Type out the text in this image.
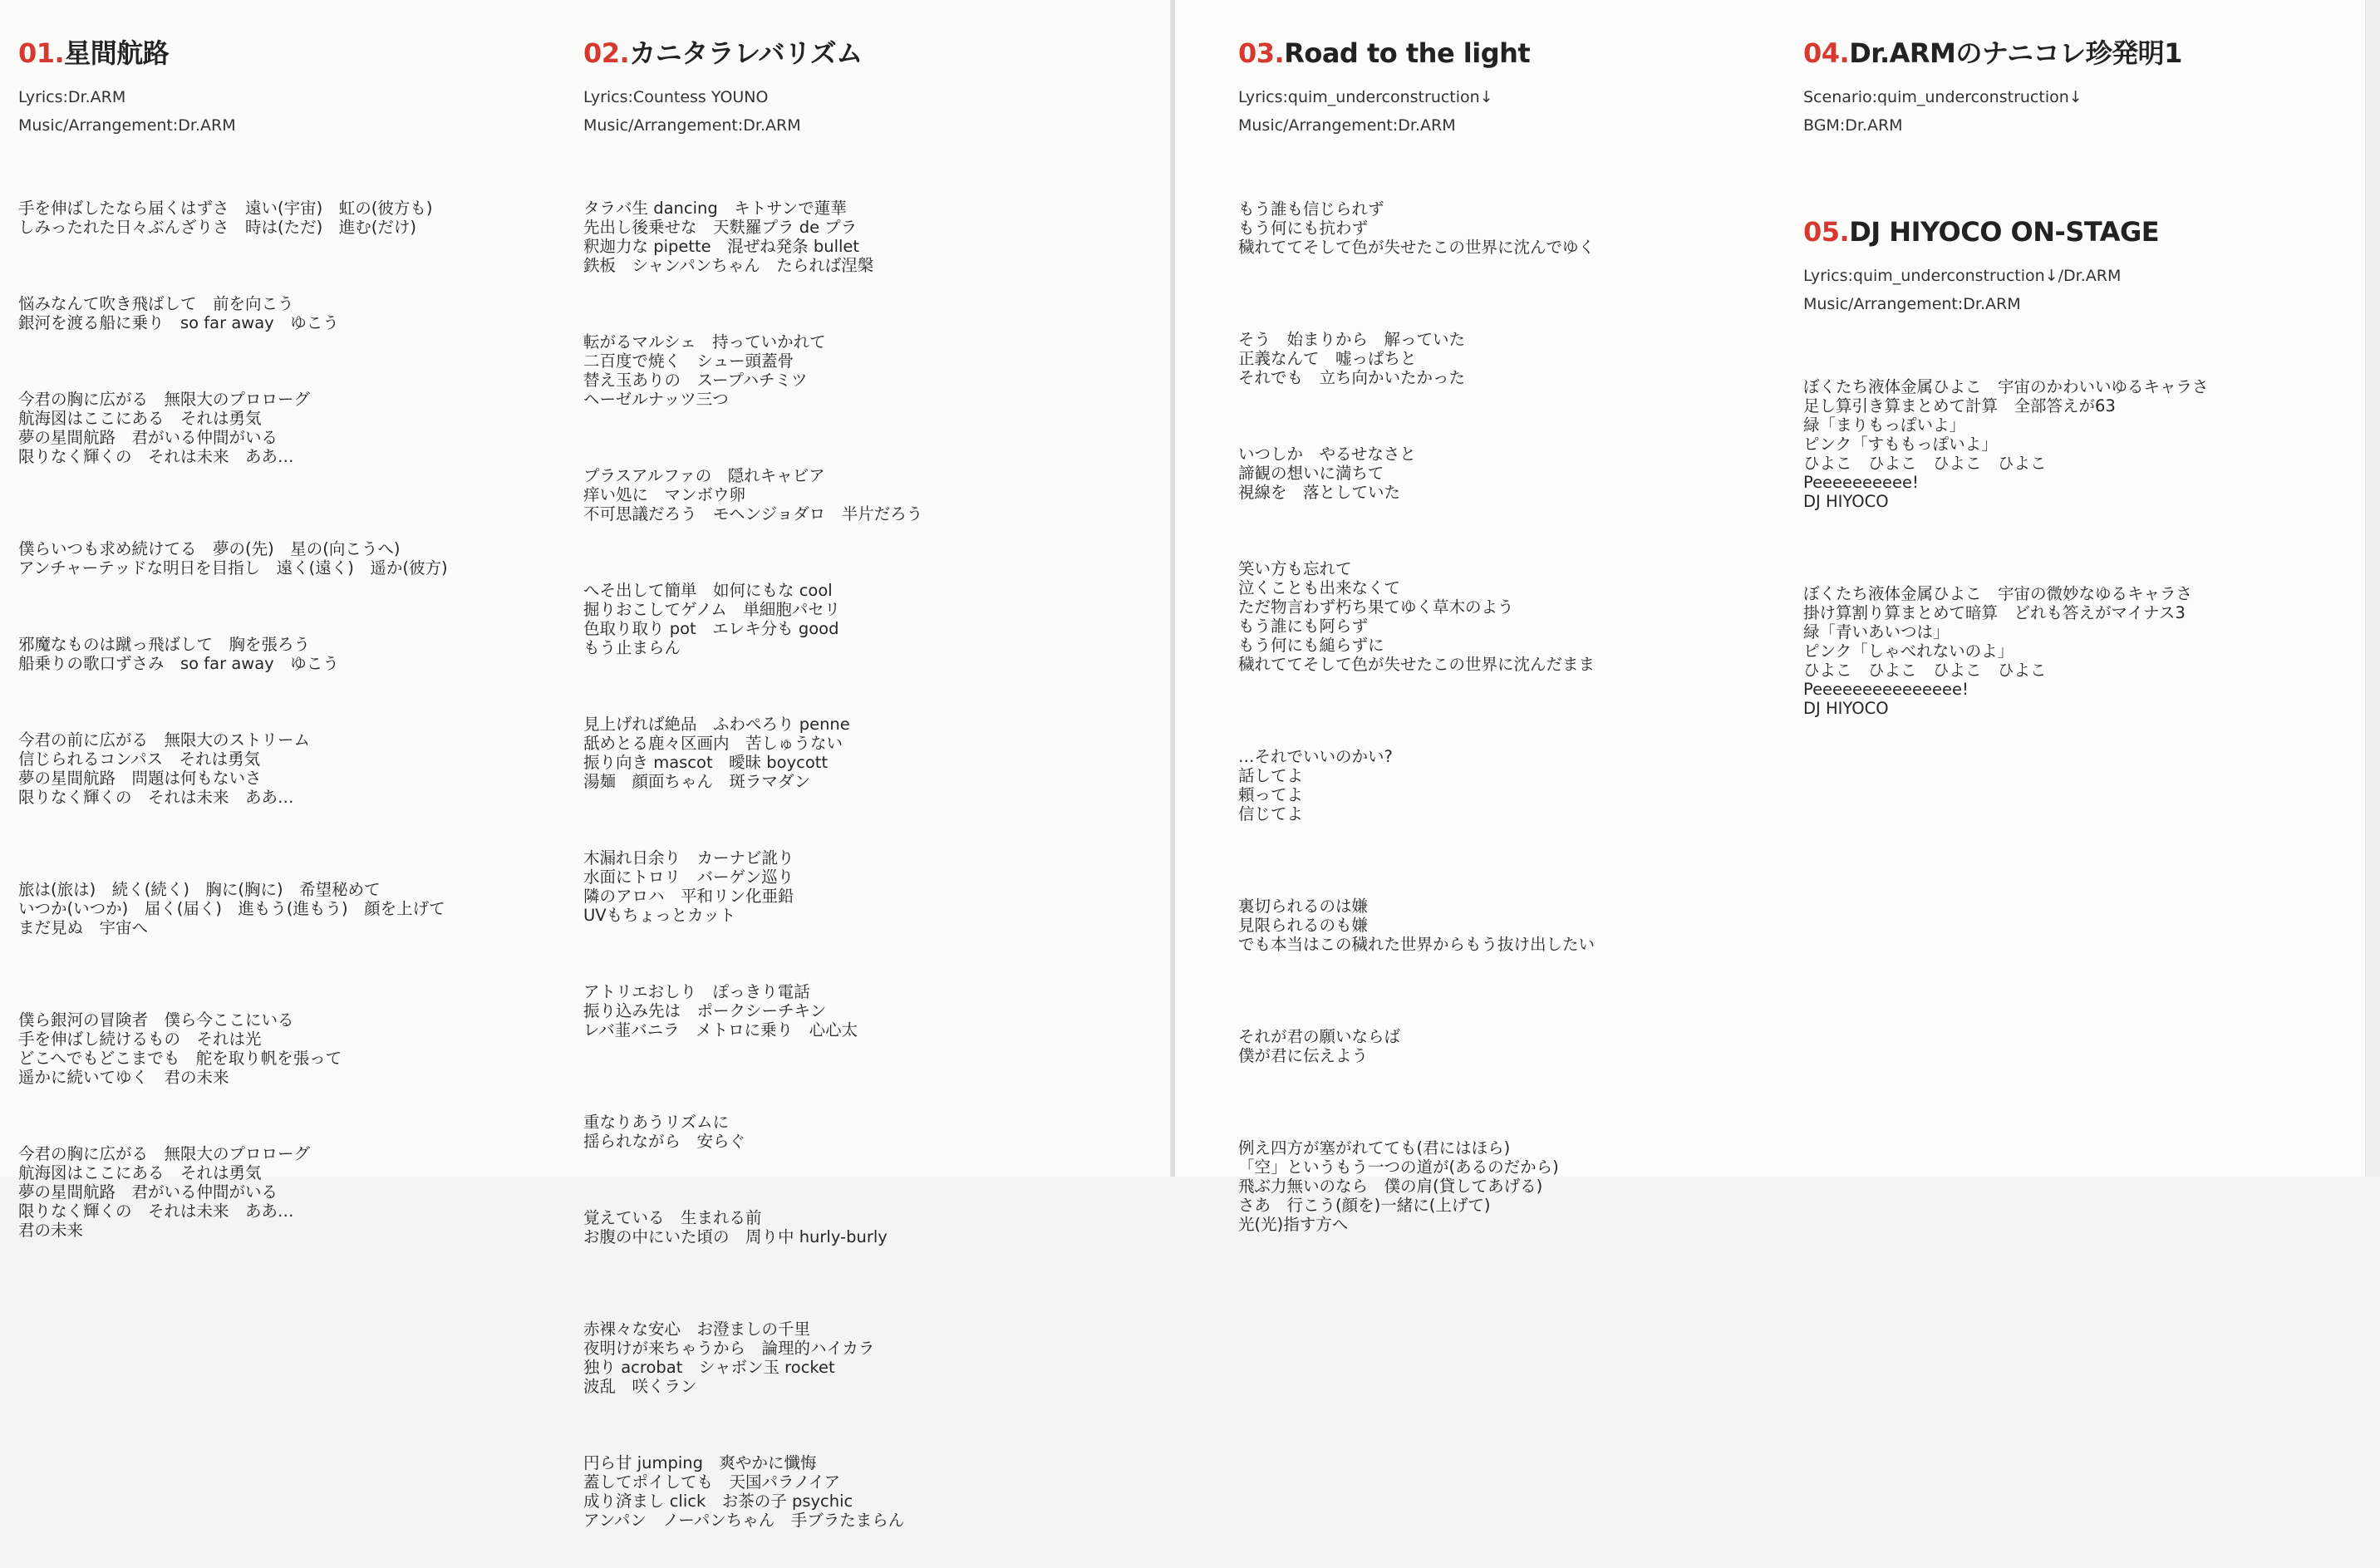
01.星間航路
Lyrics:Dr.ARM
Music/Arrangement:Dr.ARM

手を伸ばしたなら届くはずさ　遠い(宇宙)　虹の(彼方も)
しみったれた日々ぶんざりさ　時は(ただ)　進む(だけ)

悩みなんて吹き飛ばして　前を向こう
銀河を渡る船に乗り　so far away　ゆこう

今君の胸に広がる　無限大のプロローグ
航海図はここにある　それは勇気
夢の星間航路　君がいる仲間がいる
限りなく輝くの　それは未来　ああ…

僕らいつも求め続けてる　夢の(先)　星の(向こうへ)
アンチャーテッドな明日を目指し　遠く(遠く)　遥か(彼方)

邪魔なものは蹴っ飛ばして　胸を張ろう
船乗りの歌口ずさみ　so far away　ゆこう

今君の前に広がる　無限大のストリーム
信じられるコンパス　それは勇気
夢の星間航路　問題は何もないさ
限りなく輝くの　それは未来　ああ…

旅は(旅は)　続く(続く)　胸に(胸に)　希望秘めて
いつか(いつか)　届く(届く)　進もう(進もう)　顔を上げて
まだ見ぬ　宇宙へ

僕ら銀河の冒険者　僕ら今ここにいる
手を伸ばし続けるもの　それは光
どこへでもどこまでも　舵を取り帆を張って
遥かに続いてゆく　君の未来

今君の胸に広がる　無限大のプロローグ
航海図はここにある　それは勇気
夢の星間航路　君がいる仲間がいる
限りなく輝くの　それは未来　ああ…
君の未来

02.カニタラレバリズム
Lyrics:Countess YOUNO
Music/Arrangement:Dr.ARM

タラバ生 dancing　キトサンで蓮華
先出し後乗せな　天麩羅プラ de プラ
釈迦力な pipette　混ぜね発条 bullet
鉄板　シャンパンちゃん　たられば涅槃

転がるマルシェ　持っていかれて
二百度で焼く　シュー頭蓋骨
替え玉ありの　スープハチミツ
ヘーゼルナッツ三つ

プラスアルファの　隠れキャビア
痒い処に　マンボウ卵
不可思議だろう　モヘンジョダロ　半片だろう

へそ出して簡単　如何にもな cool
掘りおこしてゲノム　単細胞パセリ
色取り取り pot　エレキ分も good
もう止まらん

見上げれば絶品　ふわぺろり penne
舐めとる鹿々区画内　苦しゅうない
振り向き mascot　曖昧 boycott
湯麺　顔面ちゃん　斑ラマダン

木漏れ日余り　カーナビ訛り
水面にトロリ　バーゲン巡り
隣のアロハ　平和リン化亜鉛
UVもちょっとカット

アトリエおしり　ぽっきり電話
振り込み先は　ポークシーチキン
レバ韮バニラ　メトロに乗り　心心太

重なりあうリズムに
揺られながら　安らぐ

覚えている　生まれる前
お腹の中にいた頃の　周り中 hurly-burly

赤裸々な安心　お澄ましの千里
夜明けが来ちゃうから　論理的ハイカラ
独り acrobat　シャボン玉 rocket
波乱　咲くラン

円ら甘 jumping　爽やかに懺悔
蓋してポイしても　天国パラノイア
成り済まし click　お茶の子 psychic
アンパン　ノーパンちゃん　手ブラたまらん

03.Road to the light
Lyrics:quim_underconstruction↓
Music/Arrangement:Dr.ARM

もう誰も信じられず
もう何にも抗わず
穢れててそして色が失せたこの世界に沈んでゆく

そう　始まりから　解っていた
正義なんて　嘘っぱちと
それでも　立ち向かいたかった

いつしか　やるせなさと
諦観の想いに満ちて
視線を　落としていた

笑い方も忘れて
泣くことも出来なくて
ただ物言わず朽ち果てゆく草木のよう
もう誰にも阿らず
もう何にも縋らずに
穢れててそして色が失せたこの世界に沈んだまま

…それでいいのかい?
話してよ
頼ってよ
信じてよ

裏切られるのは嫌
見限られるのも嫌
でも本当はこの穢れた世界からもう抜け出したい

それが君の願いならば
僕が君に伝えよう

例え四方が塞がれてても(君にはほら)
「空」というもう一つの道が(あるのだから)
飛ぶ力無いのなら　僕の肩(貸してあげる)
さあ　行こう(顔を)一緒に(上げて)
光(光)指す方へ

04.Dr.ARMのナニコレ珍発明1
Scenario:quim_underconstruction↓
BGM:Dr.ARM
05.DJ HIYOCO ON-STAGE
Lyrics:quim_underconstruction↓/Dr.ARM
Music/Arrangement:Dr.ARM

ぼくたち液体金属ひよこ　宇宙のかわいいゆるキャラさ
足し算引き算まとめて計算　全部答えが63
緑「まりもっぽいよ」
ピンク「すももっぽいよ」
ひよこ　ひよこ　ひよこ　ひよこ
Peeeeeeeeee!
DJ HIYOCO

ぼくたち液体金属ひよこ　宇宙の微妙なゆるキャラさ
掛け算割り算まとめて暗算　どれも答えがマイナス3
緑「青いあいつは」
ピンク「しゃべれないのよ」
ひよこ　ひよこ　ひよこ　ひよこ
Peeeeeeeeeeeeeee!
DJ HIYOCO
